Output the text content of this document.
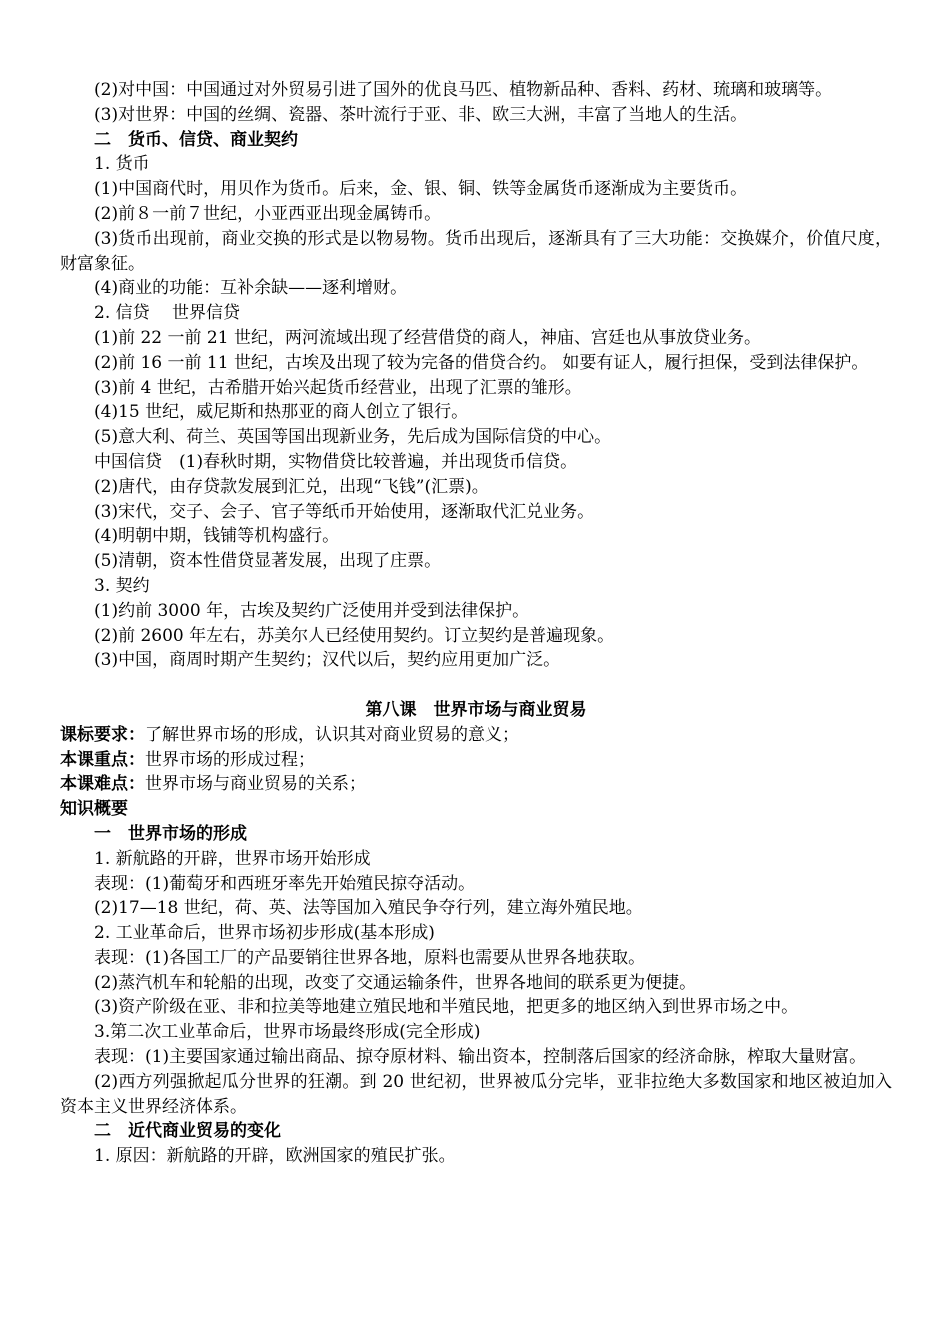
(2)对中国：中国通过对外贸易引进了国外的优良马匹、植物新品种、香料、药材、琉璃和玻璃等。

(3)对世界：中国的丝绸、瓷器、茶叶流行于亚、非、欧三大洲，丰富了当地人的生活。

二　货币、信贷、商业契约

1. 货币

(1)中国商代时，用贝作为货币。后来，金、银、铜、铁等金属货币逐渐成为主要货币。

(2)前８一前７世纪，小亚西亚出现金属铸币。

(3)货币出现前，商业交换的形式是以物易物。货币出现后，逐渐具有了三大功能：交换媒介，价值尺度，财富象征。

(4)商业的功能：互补余缺——逐利增财。

2. 信贷　 世界信贷

(1)前 22 一前 21 世纪，两河流域出现了经营借贷的商人，神庙、宫廷也从事放贷业务。

(2)前 16 一前 11 世纪，古埃及出现了较为完备的借贷合约。 如要有证人，履行担保，受到法律保护。

(3)前 4 世纪，古希腊开始兴起货币经营业，出现了汇票的雏形。

(4)15 世纪，威尼斯和热那亚的商人创立了银行。

(5)意大利、荷兰、英国等国出现新业务，先后成为国际信贷的中心。

中国信贷　(1)春秋时期，实物借贷比较普遍，并出现货币信贷。

(2)唐代，由存贷款发展到汇兑，出现“飞钱”(汇票)。

(3)宋代，交子、会子、官子等纸币开始使用，逐渐取代汇兑业务。

(4)明朝中期，钱铺等机构盛行。

(5)清朝，资本性借贷显著发展，出现了庄票。

3. 契约

(1)约前 3000 年，古埃及契约广泛使用并受到法律保护。

(2)前 2600 年左右，苏美尔人已经使用契约。订立契约是普遍现象。

(3)中国，商周时期产生契约；汉代以后，契约应用更加广泛。

第八课　世界市场与商业贸易

课标要求：了解世界市场的形成，认识其对商业贸易的意义；

本课重点：世界市场的形成过程；

本课难点：世界市场与商业贸易的关系；

知识概要

一　世界市场的形成

1. 新航路的开辟，世界市场开始形成

表现：(1)葡萄牙和西班牙率先开始殖民掠夺活动。

(2)17—18 世纪，荷、英、法等国加入殖民争夺行列，建立海外殖民地。

2. 工业革命后，世界市场初步形成(基本形成)

表现：(1)各国工厂的产品要销往世界各地，原料也需要从世界各地获取。

(2)蒸汽机车和轮船的出现，改变了交通运输条件，世界各地间的联系更为便捷。

(3)资产阶级在亚、非和拉美等地建立殖民地和半殖民地，把更多的地区纳入到世界市场之中。

3.第二次工业革命后，世界市场最终形成(完全形成)

表现：(1)主要国家通过输出商品、掠夺原材料、输出资本，控制落后国家的经济命脉，榨取大量财富。

(2)西方列强掀起瓜分世界的狂潮。到 20 世纪初，世界被瓜分完毕，亚非拉绝大多数国家和地区被迫加入资本主义世界经济体系。

二　近代商业贸易的变化

1. 原因：新航路的开辟，欧洲国家的殖民扩张。
